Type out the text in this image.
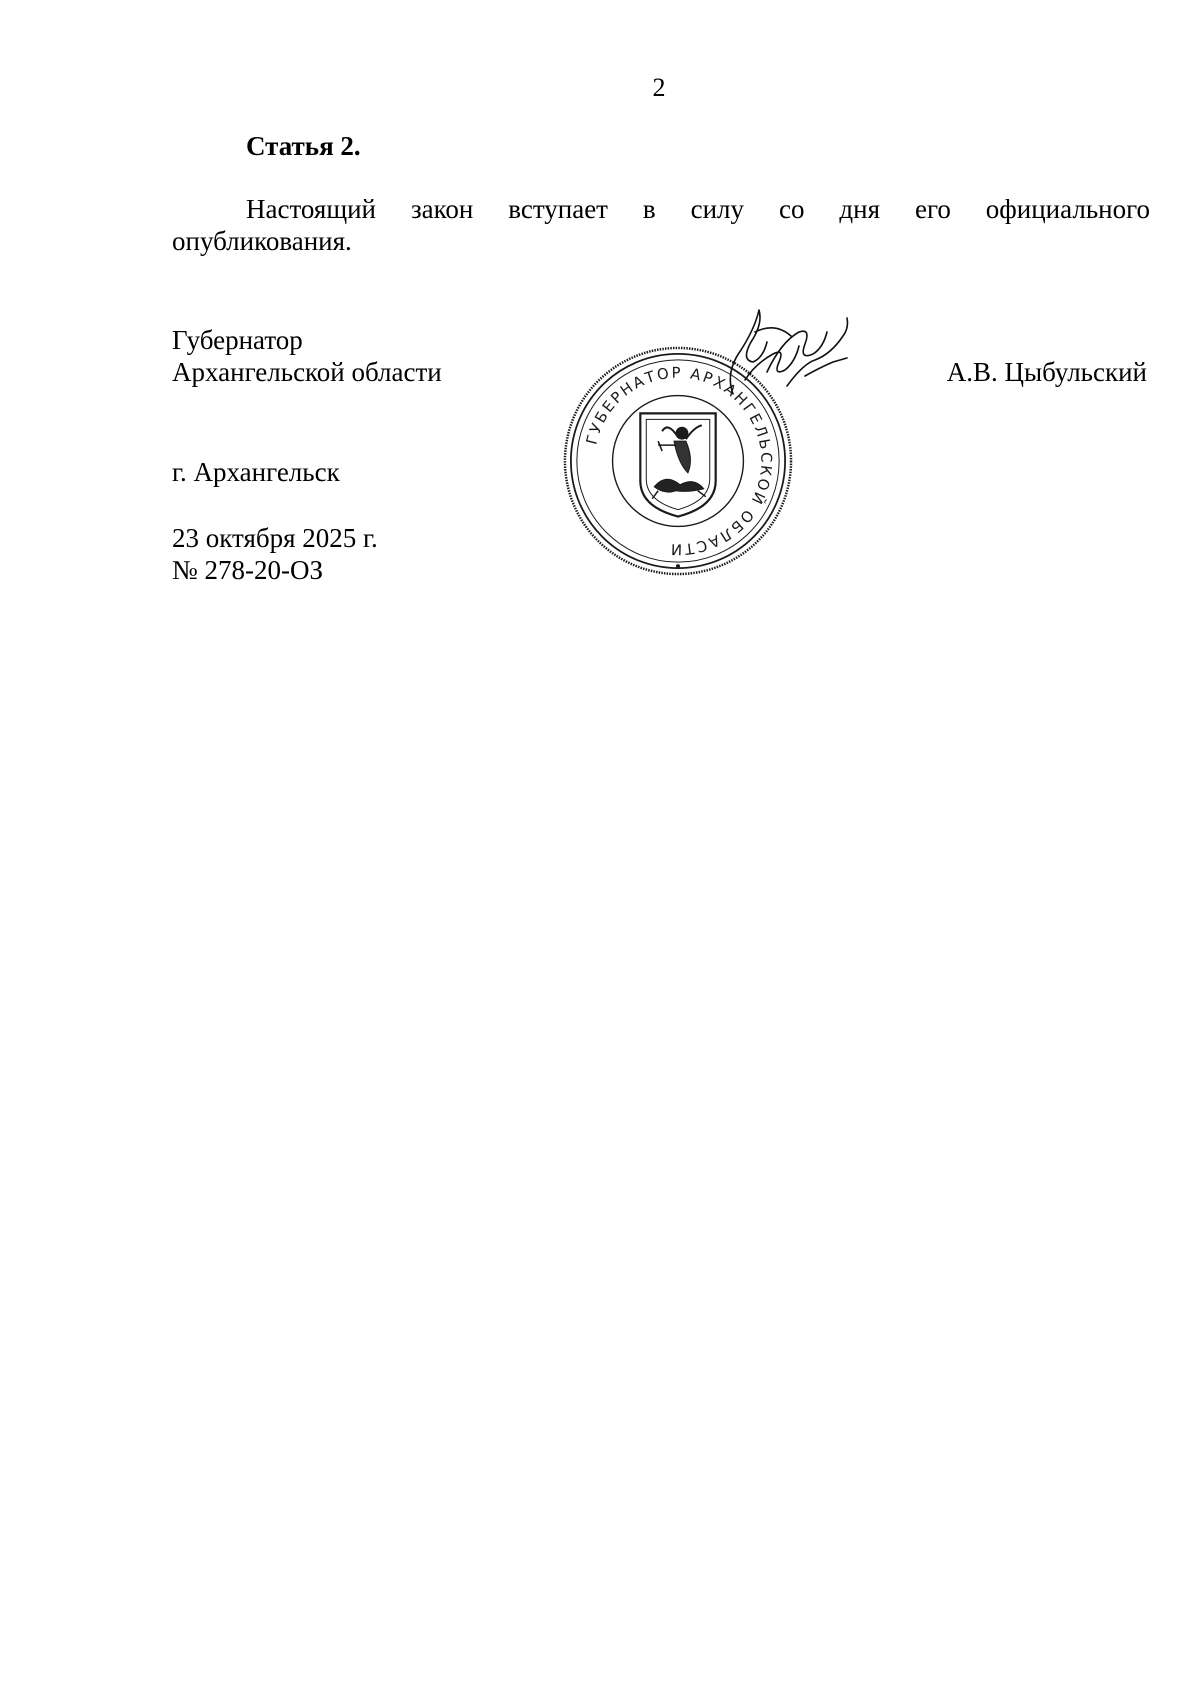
2
Статья 2.
Настоящий закон вступает в силу со дня его официального
опубликования.
Губернатор
Архангельской области	А.В. Цыбульский
г. Архангельск
23 октября 2025 г.
№ 278-20-ОЗ
ГУБЕРНАТОР АРХАНГЕЛЬСКОЙ ОБЛАСТИ
